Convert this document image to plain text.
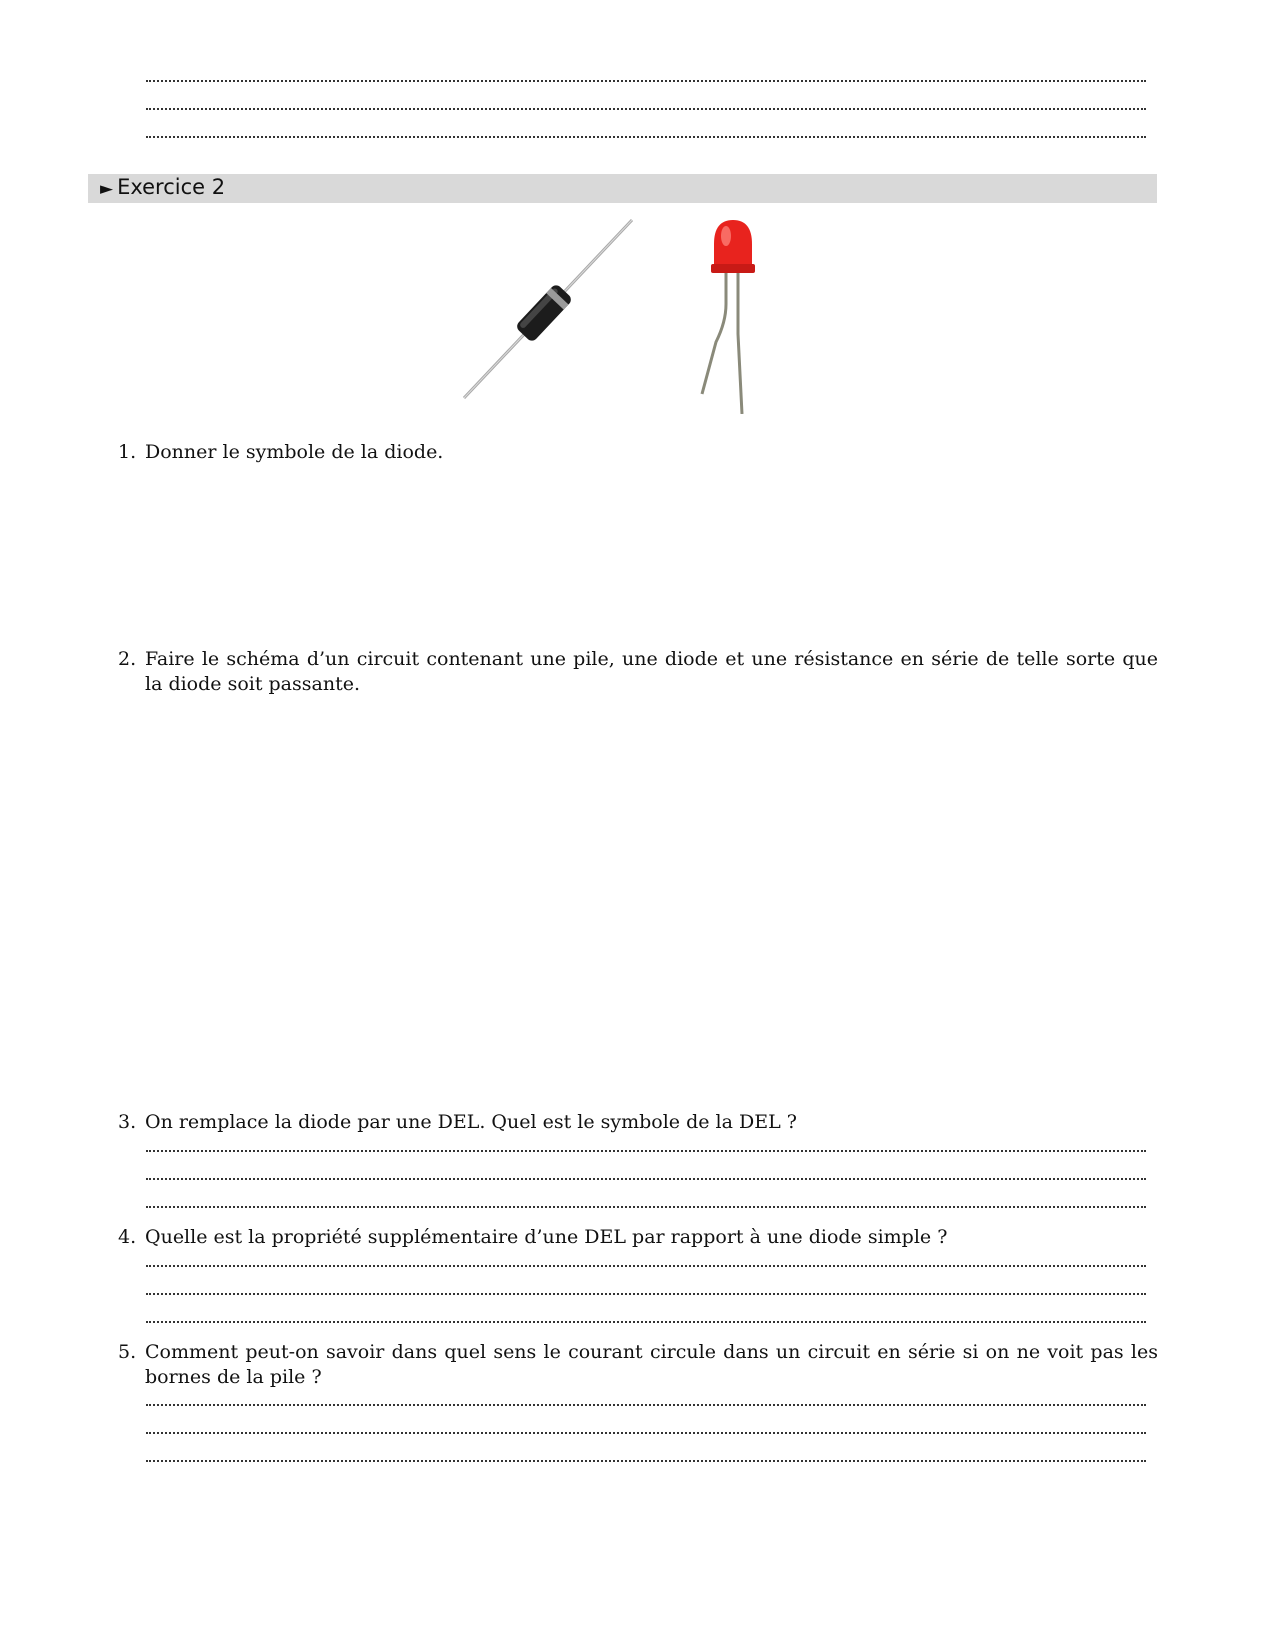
► Exercice 2
1. Donner le symbole de la diode.
2. Faire le schéma d’un circuit contenant une pile, une diode et une résistance en série de telle sorte que la diode soit passante.
3. On remplace la diode par une DEL. Quel est le symbole de la DEL ?
4. Quelle est la propriété supplémentaire d’une DEL par rapport à une diode simple ?
5. Comment peut-on savoir dans quel sens le courant circule dans un circuit en série si on ne voit pas les bornes de la pile ?
